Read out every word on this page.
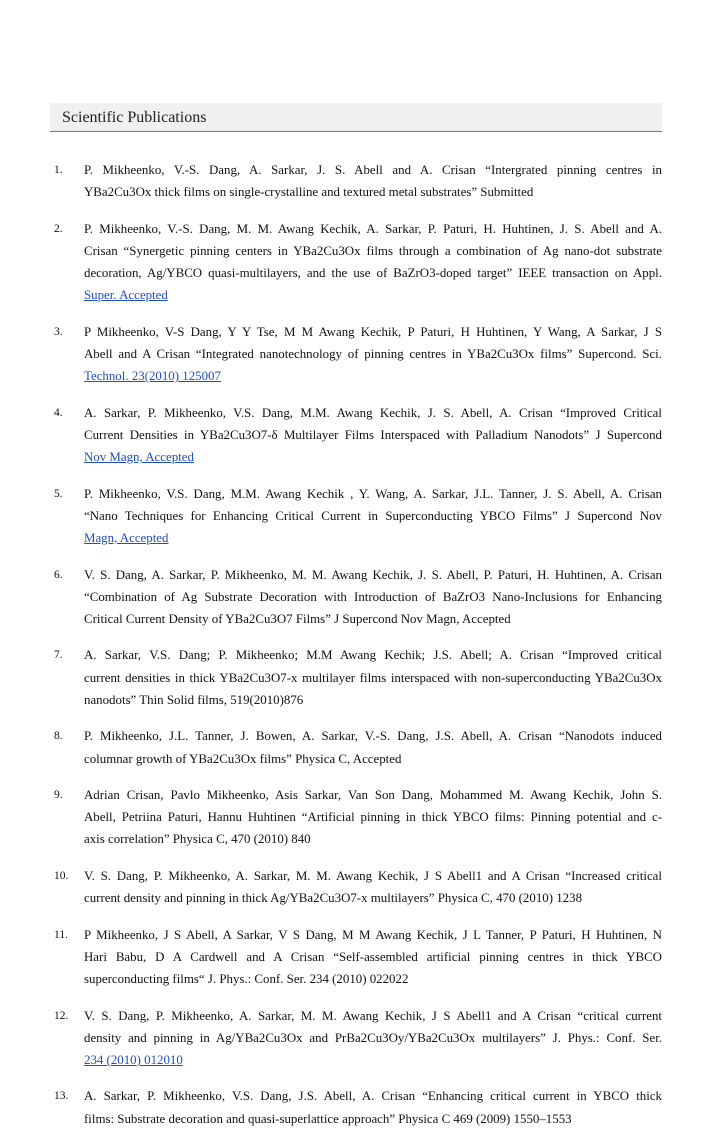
Scientific Publications
1. P. Mikheenko, V.-S. Dang, A. Sarkar, J. S. Abell and A. Crisan “Intergrated pinning centres in
YBa2Cu3Ox thick films on single-crystalline and textured metal substrates” Submitted
2. P. Mikheenko, V.-S. Dang, M. M. Awang Kechik, A. Sarkar, P. Paturi, H. Huhtinen, J. S. Abell and A.
Crisan “Synergetic pinning centers in YBa2Cu3Ox films through a combination of Ag nano-dot substrate
decoration, Ag/YBCO quasi-multilayers, and the use of BaZrO3-doped target” IEEE transaction on Appl.
Super. Accepted
3. P Mikheenko, V-S Dang, Y Y Tse, M M Awang Kechik, P Paturi, H Huhtinen, Y Wang, A Sarkar, J S
Abell and A Crisan “Integrated nanotechnology of pinning centres in YBa2Cu3Ox films” Supercond. Sci.
Technol. 23(2010) 125007
4. A. Sarkar, P. Mikheenko, V.S. Dang, M.M. Awang Kechik, J. S. Abell, A. Crisan “Improved Critical
Current Densities in YBa2Cu3O7-δ Multilayer Films Interspaced with Palladium Nanodots” J Supercond
Nov Magn, Accepted
5. P. Mikheenko, V.S. Dang, M.M. Awang Kechik , Y. Wang, A. Sarkar, J.L. Tanner, J. S. Abell, A. Crisan
“Nano Techniques for Enhancing Critical Current in Superconducting YBCO Films” J Supercond Nov
Magn, Accepted
6. V. S. Dang, A. Sarkar, P. Mikheenko, M. M. Awang Kechik, J. S. Abell, P. Paturi, H. Huhtinen, A. Crisan
“Combination of Ag Substrate Decoration with Introduction of BaZrO3 Nano-Inclusions for Enhancing
Critical Current Density of YBa2Cu3O7 Films” J Supercond Nov Magn, Accepted
7. A. Sarkar, V.S. Dang; P. Mikheenko; M.M Awang Kechik; J.S. Abell; A. Crisan “Improved critical
current densities in thick YBa2Cu3O7-x multilayer films interspaced with non-superconducting YBa2Cu3Ox
nanodots” Thin Solid films, 519(2010)876
8. P. Mikheenko, J.L. Tanner, J. Bowen, A. Sarkar, V.-S. Dang, J.S. Abell, A. Crisan “Nanodots induced
columnar growth of YBa2Cu3Ox films” Physica C, Accepted
9. Adrian Crisan, Pavlo Mikheenko, Asis Sarkar, Van Son Dang, Mohammed M. Awang Kechik, John S.
Abell, Petriina Paturi, Hannu Huhtinen “Artificial pinning in thick YBCO films: Pinning potential and c-
axis correlation” Physica C, 470 (2010) 840
10. V. S. Dang, P. Mikheenko, A. Sarkar, M. M. Awang Kechik, J S Abell1 and A Crisan “Increased critical
current density and pinning in thick Ag/YBa2Cu3O7-x multilayers” Physica C, 470 (2010) 1238
11. P Mikheenko, J S Abell, A Sarkar, V S Dang, M M Awang Kechik, J L Tanner, P Paturi, H Huhtinen, N
Hari Babu, D A Cardwell and A Crisan “Self-assembled artificial pinning centres in thick YBCO
superconducting films“ J. Phys.: Conf. Ser. 234 (2010) 022022
12. V. S. Dang, P. Mikheenko, A. Sarkar, M. M. Awang Kechik, J S Abell1 and A Crisan “critical current
density and pinning in Ag/YBa2Cu3Ox and PrBa2Cu3Oy/YBa2Cu3Ox multilayers” J. Phys.: Conf. Ser.
234 (2010) 012010
13. A. Sarkar, P. Mikheenko, V.S. Dang, J.S. Abell, A. Crisan “Enhancing critical current in YBCO thick
films: Substrate decoration and quasi-superlattice approach” Physica C 469 (2009) 1550–1553
